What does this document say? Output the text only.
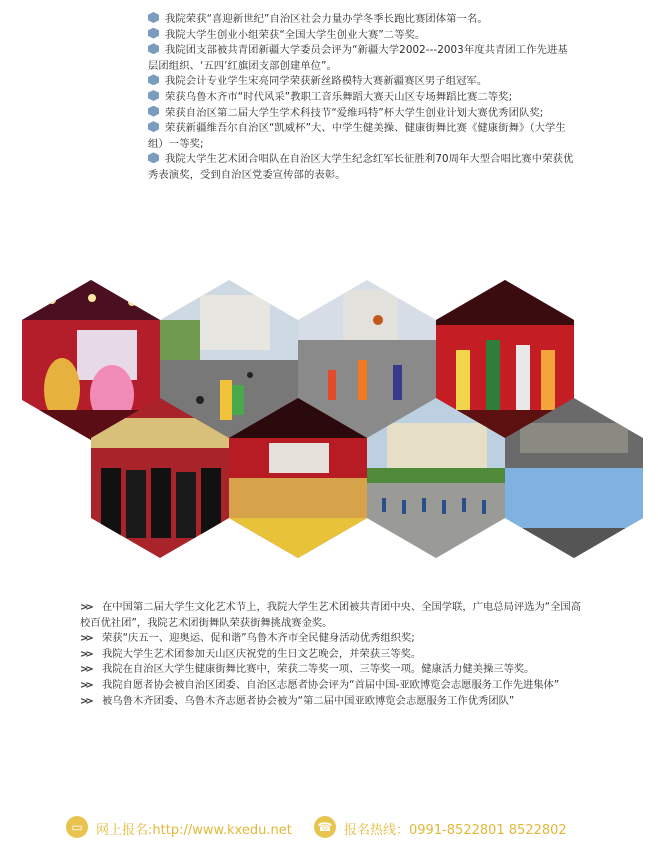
我院荣获“喜迎新世纪”自治区社会力量办学冬季长跑比赛团体第一名。

我院大学生创业小组荣获“全国大学生创业大赛”二等奖。

我院团支部被共青团新疆大学委员会评为“新疆大学2002---2003年度共青团工作先进基层团组织、‘五四’红旗团支部创建单位”。

我院会计专业学生宋亮同学荣获新丝路模特大赛新疆赛区男子组冠军。

荣获乌鲁木齐市“时代风采”教职工音乐舞蹈大赛天山区专场舞蹈比赛二等奖;

荣获自治区第二届大学生学术科技节“爱维玛特”杯大学生创业计划大赛优秀团队奖;

荣获新疆维吾尔自治区“凯威杯”大、中学生健美操、健康街舞比赛《健康街舞》（大学生组）一等奖;

我院大学生艺术团合唱队在自治区大学生纪念红军长征胜利70周年大型合唱比赛中荣获优秀表演奖，受到自治区党委宣传部的表彰。

>> 在中国第二届大学生文化艺术节上，我院大学生艺术团被共青团中央、全国学联，广电总局评选为“全国高校百优社团”，我院艺术团街舞队荣获街舞挑战赛金奖。

>> 荣获“庆五一、迎奥运、促和谐”乌鲁木齐市全民健身活动优秀组织奖;

>> 我院大学生艺术团参加天山区庆祝党的生日文艺晚会，并荣获三等奖。

>> 我院在自治区大学生健康街舞比赛中，荣获二等奖一项、三等奖一项。健康活力健美操三等奖。

>> 我院自愿者协会被自治区团委、自治区志愿者协会评为“首届中国-亚欧博览会志愿服务工作先进集体”

>> 被乌鲁木齐团委、乌鲁木齐志愿者协会被为“第二届中国亚欧博览会志愿服务工作优秀团队”

▭	网上报名:http://www.kxedu.net ☎ 报名热线：0991-8522801 8522802
